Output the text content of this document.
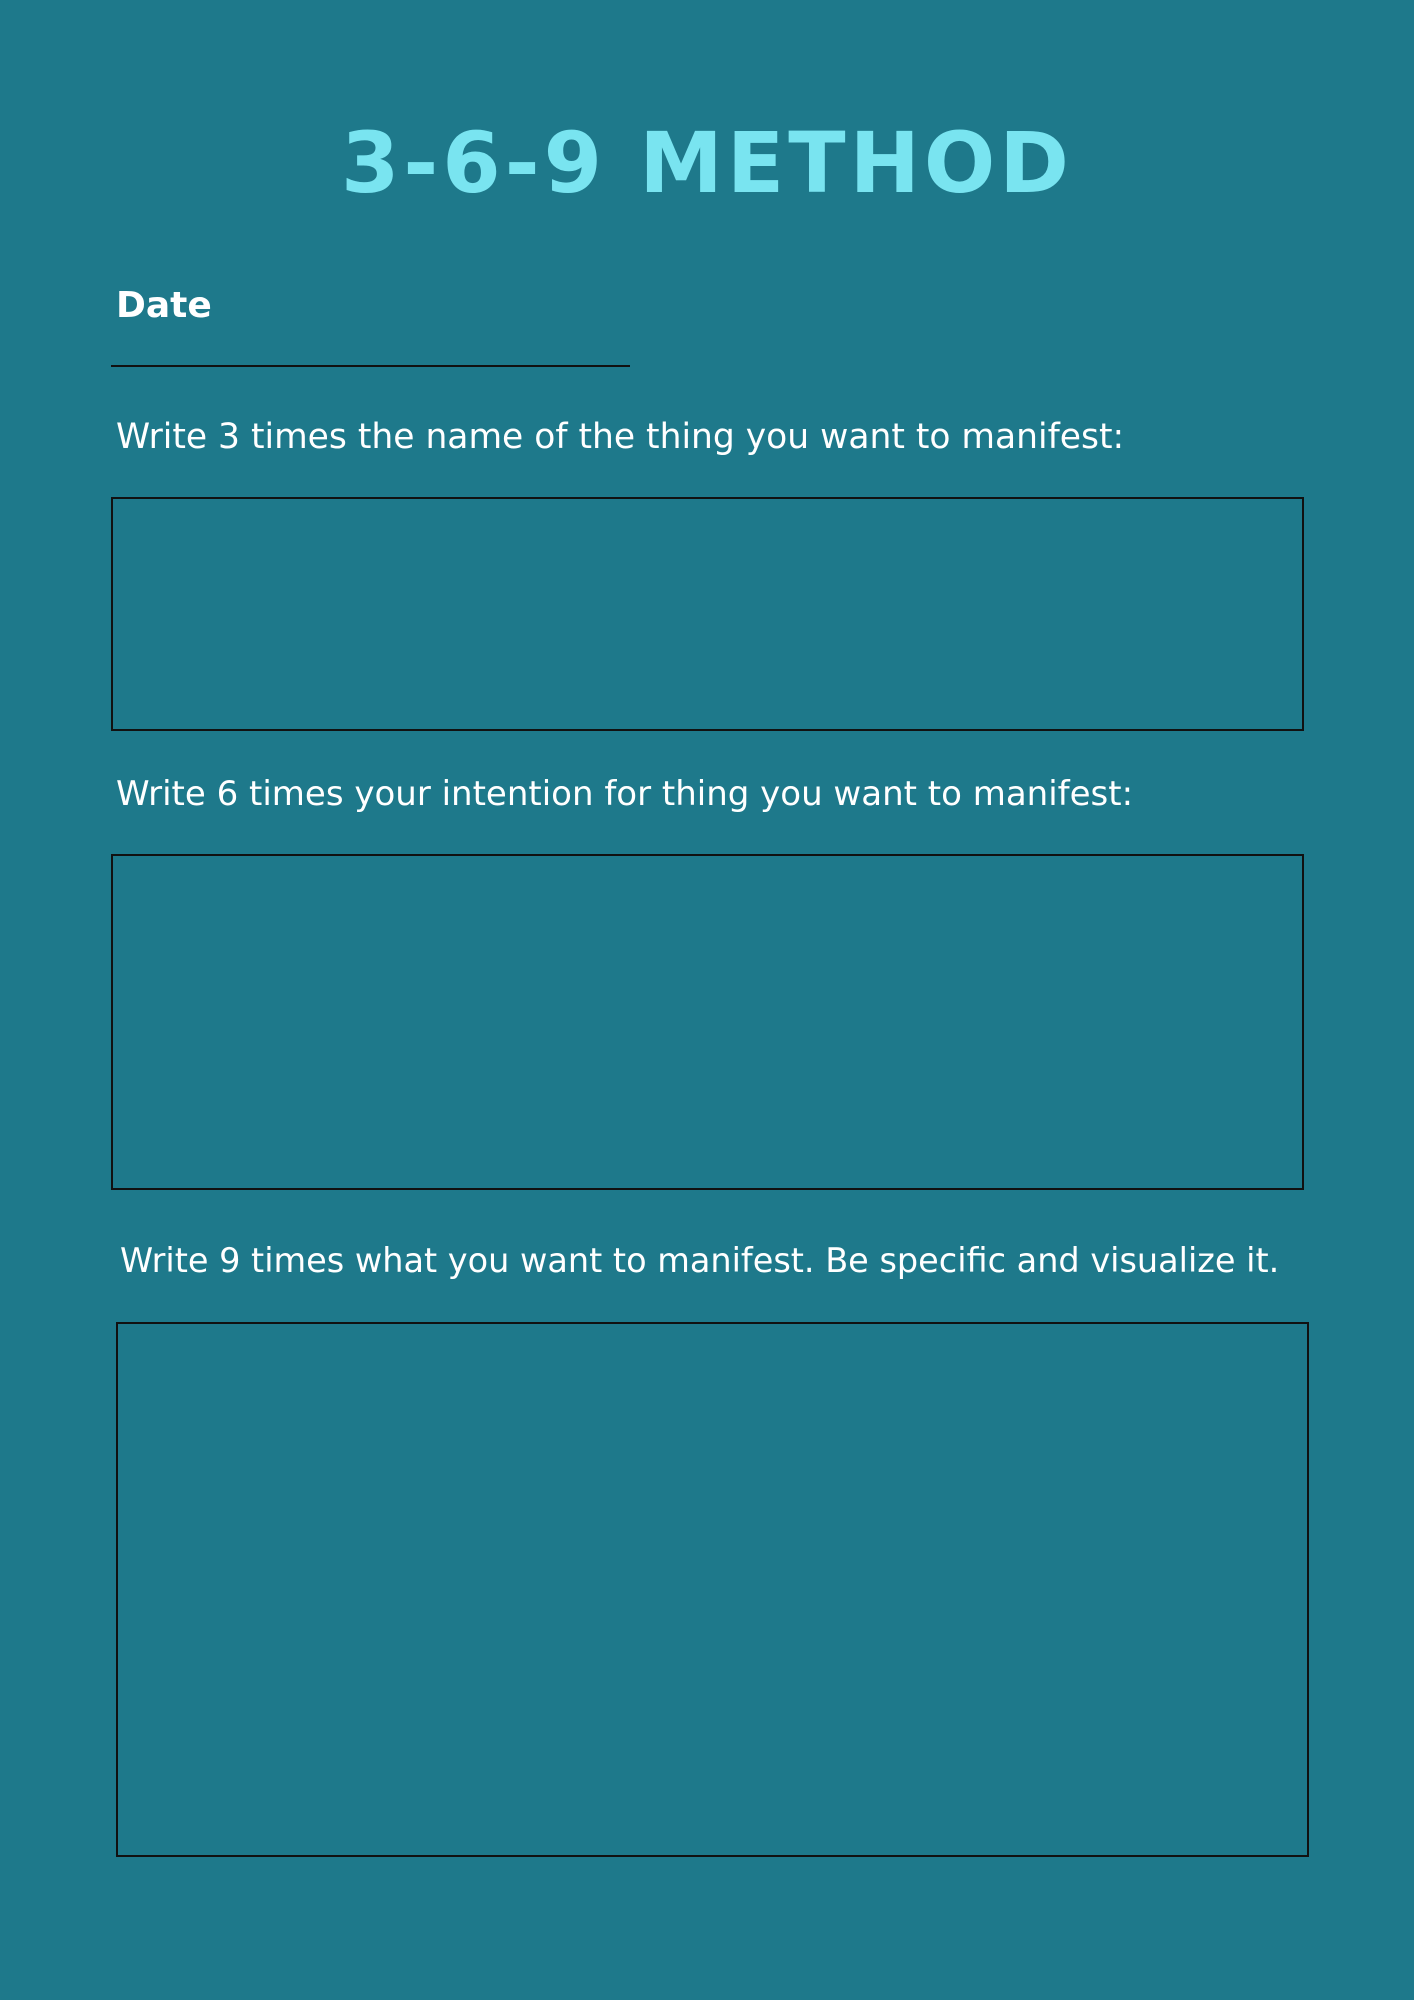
3-6-9 METHOD
Date
Write 3 times the name of the thing you want to manifest:
Write 6 times your intention for thing you want to manifest:
Write 9 times what you want to manifest. Be specific and visualize it.
